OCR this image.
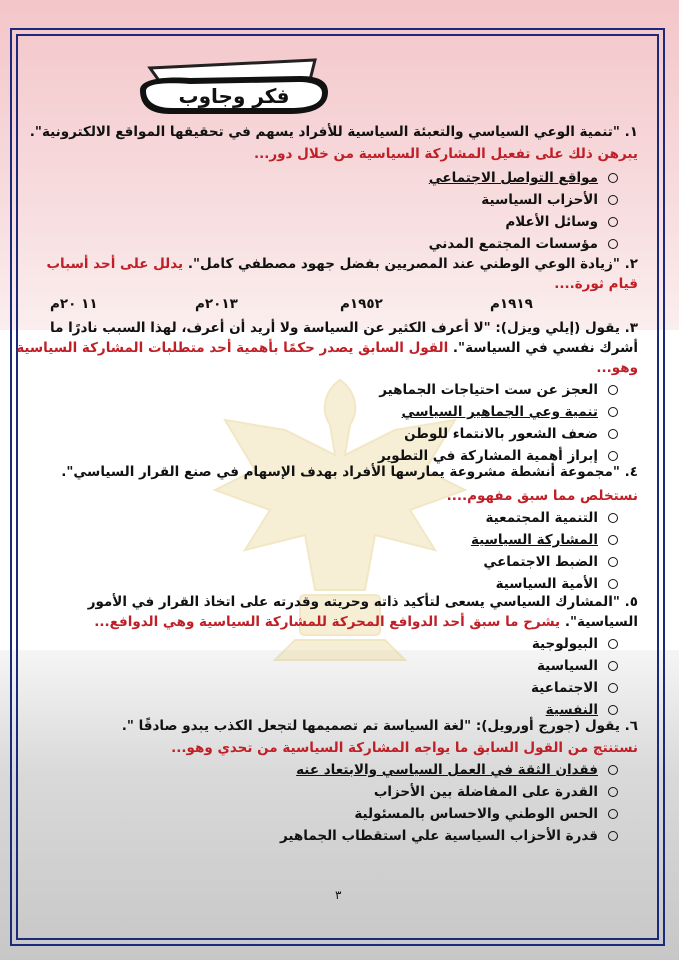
فكر وجاوب
١. "تنمية الوعي السياسي والتعبئة السياسية للأفراد يسهم في تحقيقها المواقع الالكترونية".
يبرهن ذلك على تفعيل المشاركة السياسية من خلال دور...
مواقع التواصل الاجتماعي
الأحزاب السياسية
وسائل الأعلام
مؤسسات المجتمع المدني
٢. "زيادة الوعي الوطني عند المصريين بفضل جهود مصطفي كامل". يدلل على أحد أسباب
قيام ثورة....
١١ ٢٠م	٢٠١٣م	١٩٥٢م	١٩١٩م
٣. يقول (إيلي ويزل): "لا أعرف الكثير عن السياسة ولا أريد أن أعرف، لهذا السبب نادرًا ما
أشرك نفسي في السياسة". القول السابق يصدر حكمًا بأهمية أحد متطلبات المشاركة السياسية
وهو...
العجز عن ست احتياجات الجماهير
تنمية وعي الجماهير السياسي
ضعف الشعور بالانتماء للوطن
إبراز أهمية المشاركة في التطوير
٤. "مجموعة أنشطة مشروعة يمارسها الأفراد بهدف الإسهام في صنع القرار السياسي".
نستخلص مما سبق مفهوم....
التنمية المجتمعية
المشاركة السياسية
الضبط الاجتماعي
الأمية السياسية
٥. "المشارك السياسي يسعى لتأكيد ذاته وحريته وقدرته على اتخاذ القرار في الأمور
السياسية". يشرح ما سبق أحد الدوافع المحركة للمشاركة السياسية وهي الدوافع...
البيولوجية
السياسية
الاجتماعية
النفسية
٦. يقول (جورج أورويل): "لغة السياسة تم تصميمها لتجعل الكذب يبدو صادقًا ".
نستنتج من القول السابق ما يواجه المشاركة السياسية من تحدي وهو...
فقدان الثقة في العمل السياسي والابتعاد عنه
القدرة على المفاضلة بين الأحزاب
الحس الوطني والاحساس بالمسئولية
قدرة الأحزاب السياسية علي استقطاب الجماهير
٣
